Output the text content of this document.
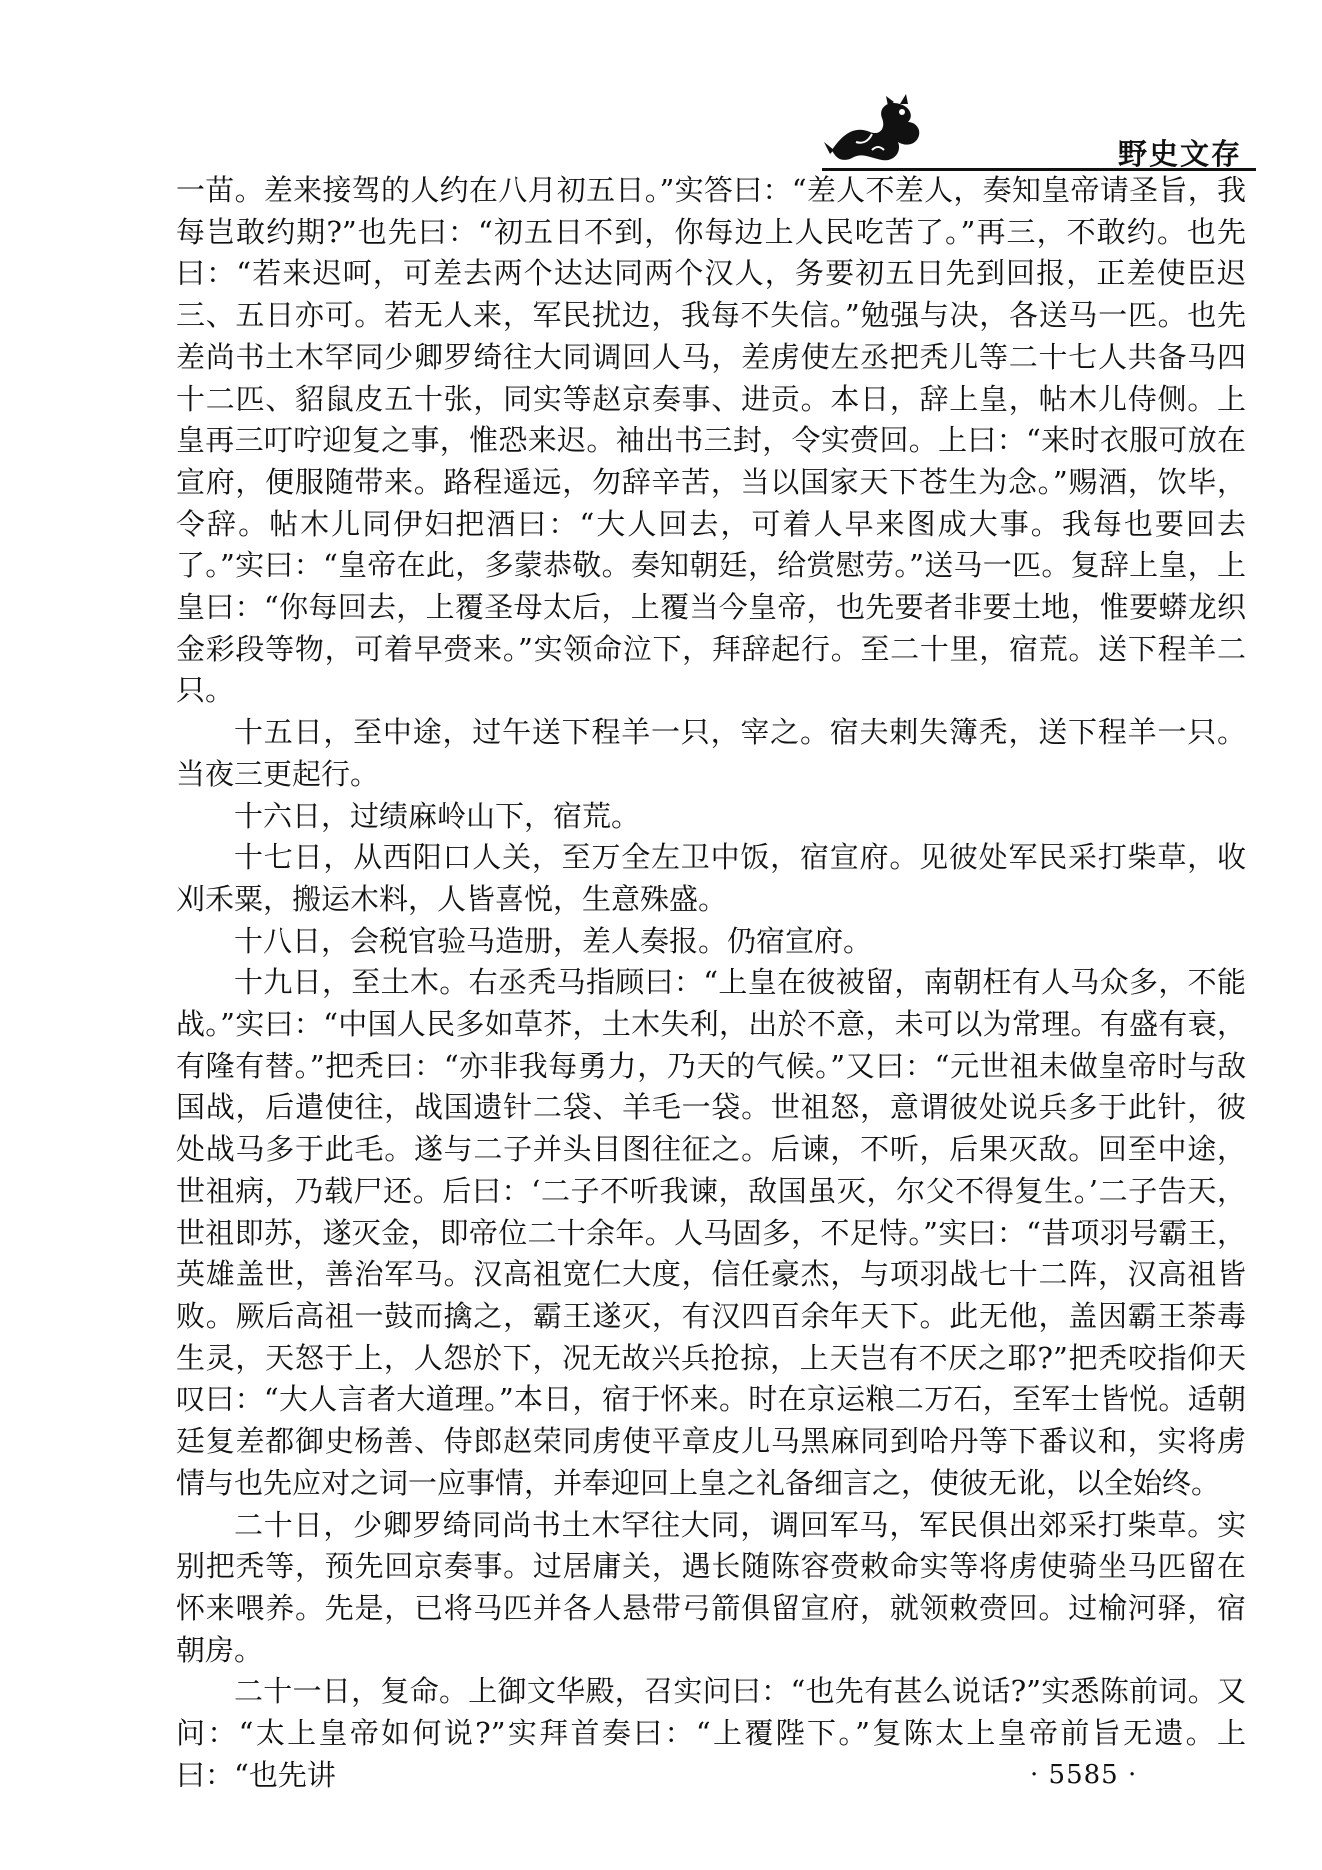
野史文存

一苗。差来接驾的人约在八月初五日。”实答曰：“差人不差人，奏知皇帝请圣旨，我每岂敢约期?”也先曰：“初五日不到，你每边上人民吃苦了。”再三，不敢约。也先曰：“若来迟呵，可差去两个达达同两个汉人，务要初五日先到回报，正差使臣迟三、五日亦可。若无人来，军民扰边，我每不失信。”勉强与决，各送马一匹。也先差尚书土木罕同少卿罗绮往大同调回人马，差虏使左丞把秃儿等二十七人共备马四十二匹、貂鼠皮五十张，同实等赵京奏事、进贡。本日，辞上皇，帖木儿侍侧。上皇再三叮咛迎复之事，惟恐来迟。袖出书三封，令实赍回。上曰：“来时衣服可放在宣府，便服随带来。路程遥远，勿辞辛苦，当以国家天下苍生为念。”赐酒，饮毕，令辞。帖木儿同伊妇把酒曰：“大人回去，可着人早来图成大事。我每也要回去了。”实曰：“皇帝在此，多蒙恭敬。奏知朝廷，给赏慰劳。”送马一匹。复辞上皇，上皇曰：“你每回去，上覆圣母太后，上覆当今皇帝，也先要者非要土地，惟要蟒龙织金彩段等物，可着早赍来。”实领命泣下，拜辞起行。至二十里，宿荒。送下程羊二只。

十五日，至中途，过午送下程羊一只，宰之。宿夫剌失簿秃，送下程羊一只。当夜三更起行。

十六日，过绩麻岭山下，宿荒。

十七日，从西阳口人关，至万全左卫中饭，宿宣府。见彼处军民采打柴草，收刈禾粟，搬运木料，人皆喜悦，生意殊盛。

十八日，会税官验马造册，差人奏报。仍宿宣府。

十九日，至土木。右丞秃马指顾曰：“上皇在彼被留，南朝枉有人马众多，不能战。”实曰：“中国人民多如草芥，土木失利，出於不意，未可以为常理。有盛有衰，有隆有替。”把秃曰：“亦非我每勇力，乃天的气候。”又曰：“元世祖未做皇帝时与敌国战，后遣使往，战国遗针二袋、羊毛一袋。世祖怒，意谓彼处说兵多于此针，彼处战马多于此毛。遂与二子并头目图往征之。后谏，不听，后果灭敌。回至中途，世祖病，乃载尸还。后曰：‘二子不听我谏，敌国虽灭，尔父不得复生。’二子告天，世祖即苏，遂灭金，即帝位二十余年。人马固多，不足恃。”实曰：“昔项羽号霸王，英雄盖世，善治军马。汉高祖宽仁大度，信任豪杰，与项羽战七十二阵，汉高祖皆败。厥后高祖一鼓而擒之，霸王遂灭，有汉四百余年天下。此无他，盖因霸王荼毒生灵，天怒于上，人怨於下，况无故兴兵抢掠，上天岂有不厌之耶?”把秃咬指仰天叹曰：“大人言者大道理。”本日，宿于怀来。时在京运粮二万石，至军士皆悦。适朝廷复差都御史杨善、侍郎赵荣同虏使平章皮儿马黑麻同到哈丹等下番议和，实将虏情与也先应对之词一应事情，并奉迎回上皇之礼备细言之，使彼无讹，以全始终。

二十日，少卿罗绮同尚书土木罕往大同，调回军马，军民俱出郊采打柴草。实别把秃等，预先回京奏事。过居庸关，遇长随陈容赍敕命实等将虏使骑坐马匹留在怀来喂养。先是，已将马匹并各人悬带弓箭俱留宣府，就领敕赍回。过榆河驿，宿朝房。

二十一日，复命。上御文华殿，召实问曰：“也先有甚么说话?”实悉陈前词。又问：“太上皇帝如何说?”实拜首奏曰：“上覆陛下。”复陈太上皇帝前旨无遗。上曰：“也先讲	· 5585 ·
